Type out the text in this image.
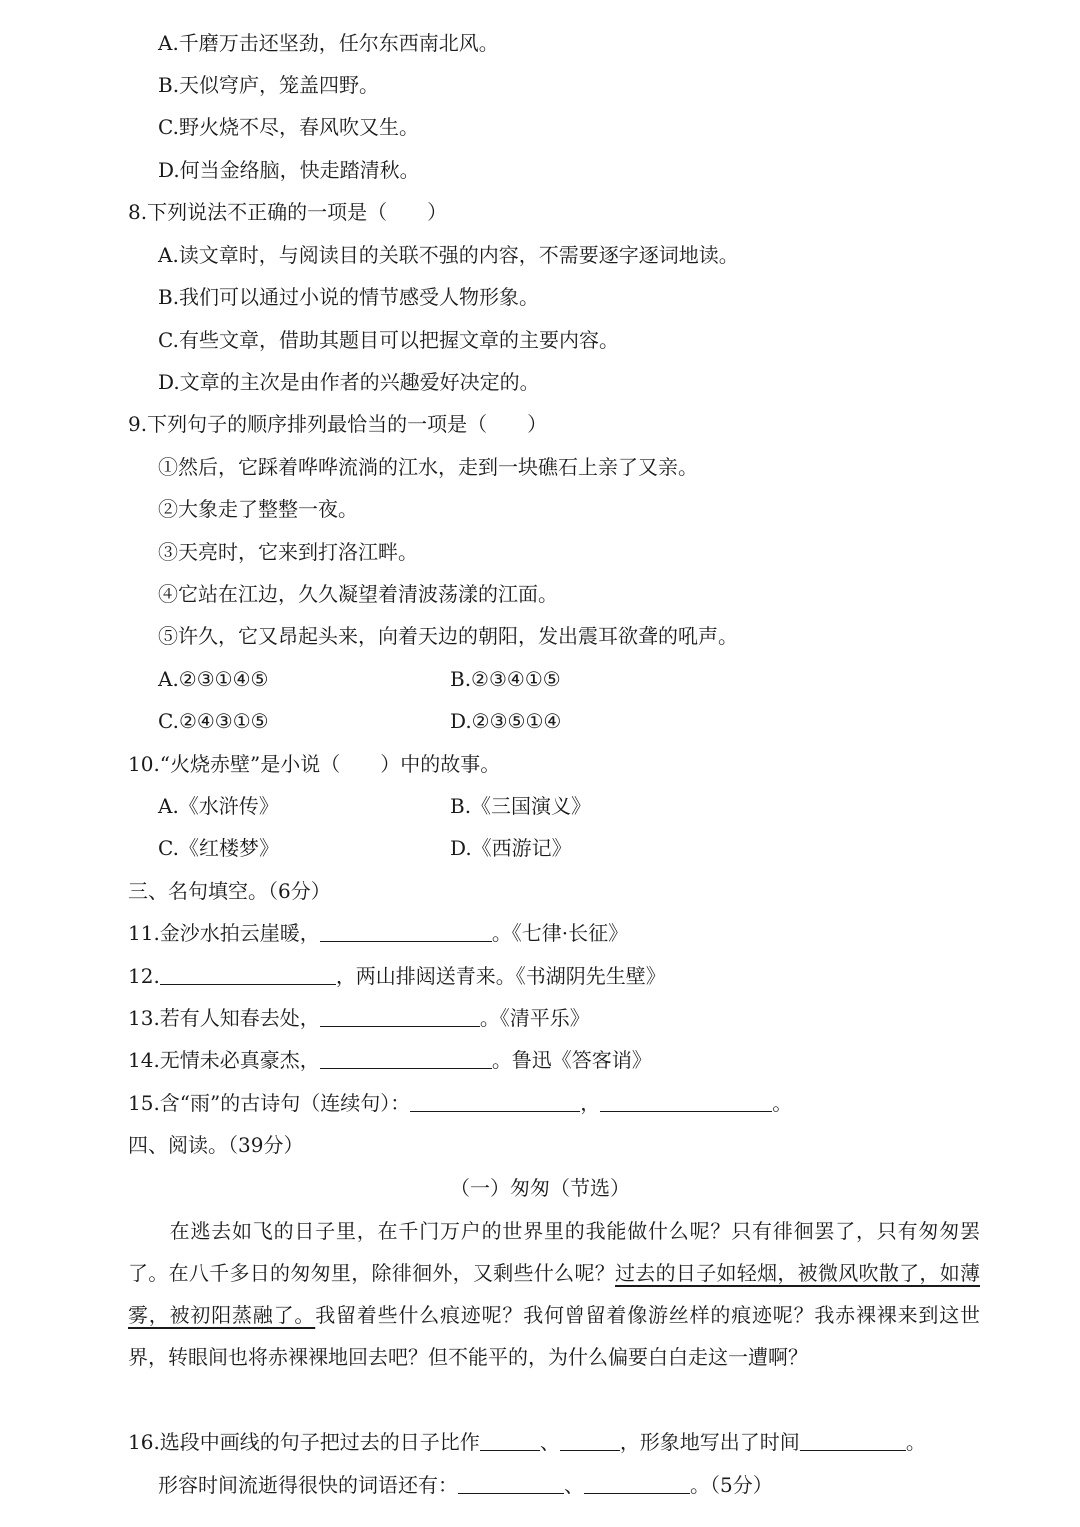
A.千磨万击还坚劲，任尔东西南北风。
B.天似穹庐，笼盖四野。
C.野火烧不尽，春风吹又生。
D.何当金络脑，快走踏清秋。
8.下列说法不正确的一项是（　　）
A.读文章时，与阅读目的关联不强的内容，不需要逐字逐词地读。
B.我们可以通过小说的情节感受人物形象。
C.有些文章，借助其题目可以把握文章的主要内容。
D.文章的主次是由作者的兴趣爱好决定的。
9.下列句子的顺序排列最恰当的一项是（　　）
①然后，它踩着哗哗流淌的江水，走到一块礁石上亲了又亲。
②大象走了整整一夜。
③天亮时，它来到打洛江畔。
④它站在江边，久久凝望着清波荡漾的江面。
⑤许久，它又昂起头来，向着天边的朝阳，发出震耳欲聋的吼声。
A.②③①④⑤	B.②③④①⑤
C.②④③①⑤	D.②③⑤①④
10.“火烧赤壁”是小说（　　）中的故事。
A.《水浒传》	B.《三国演义》
C.《红楼梦》	D.《西游记》
三、名句填空。（6分）
11.金沙水拍云崖暖，	。《七律·长征》
12.	，两山排闼送青来。《书湖阴先生壁》
13.若有人知春去处，	。《清平乐》
14.无情未必真豪杰，	。鲁迅《答客诮》
15.含“雨”的古诗句（连续句）：	，	。
四、阅读。（39分）
（一）匆匆（节选）
　　在逃去如飞的日子里，在千门万户的世界里的我能做什么呢？只有徘徊罢了，只有匆匆罢了。在八千多日的匆匆里，除徘徊外，又剩些什么呢？过去的日子如轻烟，被微风吹散了，如薄雾，被初阳蒸融了。我留着些什么痕迹呢？我何曾留着像游丝样的痕迹呢？我赤裸裸来到这世界，转眼间也将赤裸裸地回去吧？但不能平的，为什么偏要白白走这一遭啊？
16.选段中画线的句子把过去的日子比作	、	，形象地写出了时间	。
形容时间流逝得很快的词语还有：	、	。（5分）
